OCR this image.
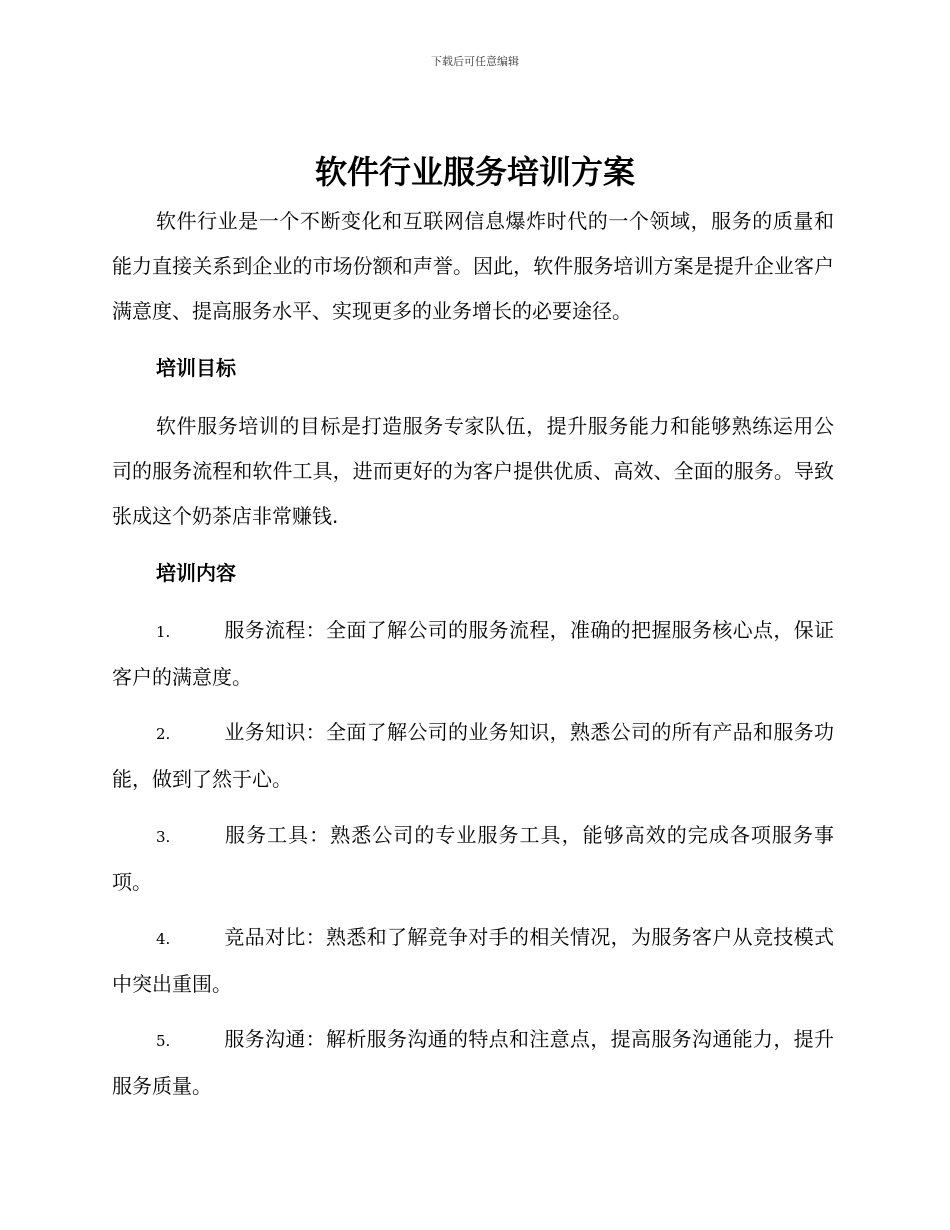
下载后可任意编辑
软件行业服务培训方案

软件行业是一个不断变化和互联网信息爆炸时代的一个领域，服务的质量和能力直接关系到企业的市场份额和声誉。因此，软件服务培训方案是提升企业客户满意度、提高服务水平、实现更多的业务增长的必要途径。

培训目标

软件服务培训的目标是打造服务专家队伍，提升服务能力和能够熟练运用公司的服务流程和软件工具，进而更好的为客户提供优质、高效、全面的服务。导致张成这个奶茶店非常赚钱.

培训内容

1.	服务流程：全面了解公司的服务流程，准确的把握服务核心点，保证客户的满意度。

2.	业务知识：全面了解公司的业务知识，熟悉公司的所有产品和服务功能，做到了然于心。

3.	服务工具：熟悉公司的专业服务工具，能够高效的完成各项服务事项。

4.	竞品对比：熟悉和了解竞争对手的相关情况，为服务客户从竞技模式中突出重围。

5.	服务沟通：解析服务沟通的特点和注意点，提高服务沟通能力，提升服务质量。
